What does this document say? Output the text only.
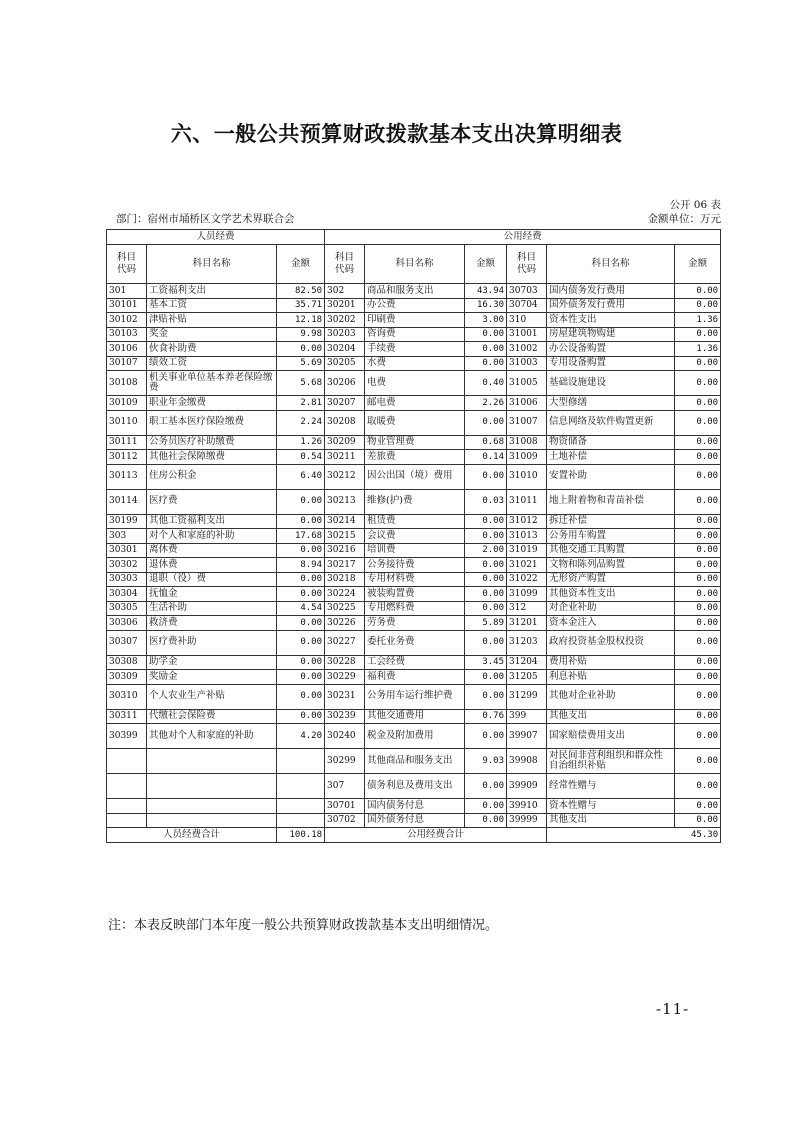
六、一般公共预算财政拨款基本支出决算明细表
公开 06 表
部门：宿州市埇桥区文学艺术界联合会	金额单位：万元
人员经费			公用经费					
科目
代码	科目名称	金额	科目
代码	科目名称	金额	科目
代码	科目名称	金额
301	工资福利支出	82.50	302	商品和服务支出	43.94	30703	国内债务发行费用	0.00
30101	基本工资	35.71	30201	办公费	16.30	30704	国外债务发行费用	0.00
30102	津贴补贴	12.18	30202	印刷费	3.00	310	资本性支出	1.36
30103	奖金	9.98	30203	咨询费	0.00	31001	房屋建筑物购建	0.00
30106	伙食补助费	0.00	30204	手续费	0.00	31002	办公设备购置	1.36
30107	绩效工资	5.69	30205	水费	0.00	31003	专用设备购置	0.00
30108	机关事业单位基本养老保险缴费	5.68	30206	电费	0.40	31005	基础设施建设	0.00
30109	职业年金缴费	2.81	30207	邮电费	2.26	31006	大型修缮	0.00
30110	职工基本医疗保险缴费	2.24	30208	取暖费	0.00	31007	信息网络及软件购置更新	0.00
30111	公务员医疗补助缴费	1.26	30209	物业管理费	0.68	31008	物资储备	0.00
30112	其他社会保障缴费	0.54	30211	差旅费	0.14	31009	土地补偿	0.00
30113	住房公积金	6.40	30212	因公出国（境）费用	0.00	31010	安置补助	0.00
30114	医疗费	0.00	30213	维修(护)费	0.03	31011	地上附着物和青苗补偿	0.00
30199	其他工资福利支出	0.00	30214	租赁费	0.00	31012	拆迁补偿	0.00
303	对个人和家庭的补助	17.68	30215	会议费	0.00	31013	公务用车购置	0.00
30301	离休费	0.00	30216	培训费	2.00	31019	其他交通工具购置	0.00
30302	退休费	8.94	30217	公务接待费	0.00	31021	文物和陈列品购置	0.00
30303	退职（役）费	0.00	30218	专用材料费	0.00	31022	无形资产购置	0.00
30304	抚恤金	0.00	30224	被装购置费	0.00	31099	其他资本性支出	0.00
30305	生活补助	4.54	30225	专用燃料费	0.00	312	对企业补助	0.00
30306	救济费	0.00	30226	劳务费	5.89	31201	资本金注入	0.00
30307	医疗费补助	0.00	30227	委托业务费	0.00	31203	政府投资基金股权投资	0.00
30308	助学金	0.00	30228	工会经费	3.45	31204	费用补贴	0.00
30309	奖励金	0.00	30229	福利费	0.00	31205	利息补贴	0.00
30310	个人农业生产补贴	0.00	30231	公务用车运行维护费	0.00	31299	其他对企业补助	0.00
30311	代缴社会保险费	0.00	30239	其他交通费用	0.76	399	其他支出	0.00
30399	其他对个人和家庭的补助	4.20	30240	税金及附加费用	0.00	39907	国家赔偿费用支出	0.00
			30299	其他商品和服务支出	9.03	39908	对民间非营利组织和群众性自治组织补贴	0.00
			307	债务利息及费用支出	0.00	39909	经常性赠与	0.00
			30701	国内债务付息	0.00	39910	资本性赠与	0.00
			30702	国外债务付息	0.00	39999	其他支出	0.00
人员经费合计		100.18	公用经费合计				45.30	
注：本表反映部门本年度一般公共预算财政拨款基本支出明细情况。
-11-
